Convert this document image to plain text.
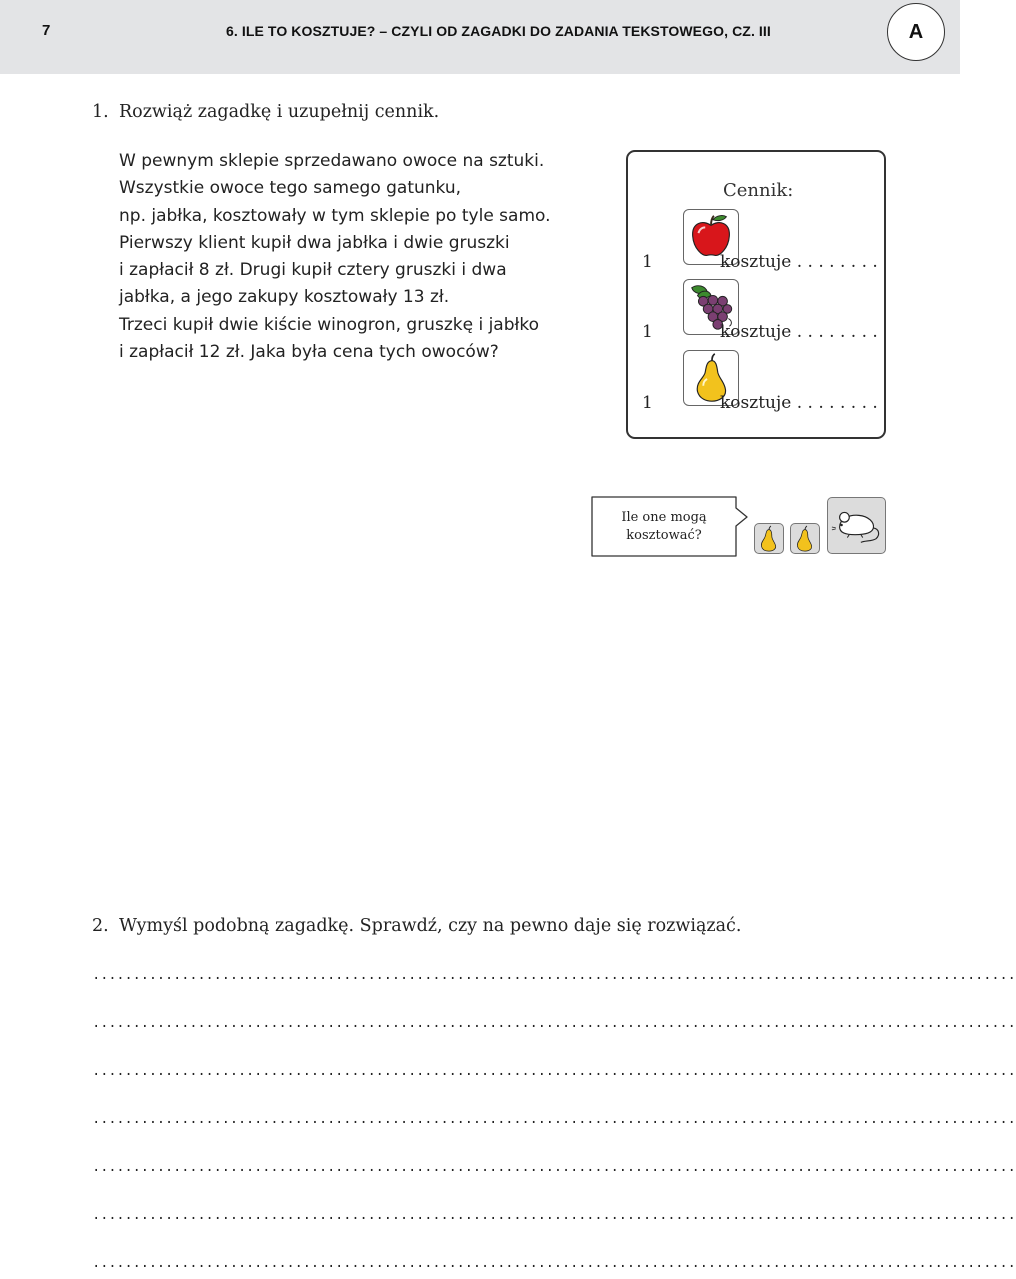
7	6. ILE TO KOSZTUJE? – CZYLI OD ZAGADKI DO ZADANIA TEKSTOWEGO, CZ. III	A
1. Rozwiąż zagadkę i uzupełnij cennik.

W pewnym sklepie sprzedawano owoce na sztuki.

Wszystkie owoce tego samego gatunku,

np. jabłka, kosztowały w tym sklepie po tyle samo.

Pierwszy klient kupił dwa jabłka i dwie gruszki

i zapłacił 8 zł. Drugi kupił cztery gruszki i dwa

jabłka, a jego zakupy kosztowały 13 zł.

Trzeci kupił dwie kiście winogron, gruszkę i jabłko

i zapłacił 12 zł. Jaka była cena tych owoców?

Cennik:
1	kosztuje . . . . . . . .
1	kosztuje . . . . . . . .
1	kosztuje . . . . . . . .
Ile one mogą
kosztować?
2. Wymyśl podobną zagadkę. Sprawdź, czy na pewno daje się rozwiązać.
..................................................................................................................
..................................................................................................................
..................................................................................................................
..................................................................................................................
..................................................................................................................
..................................................................................................................
..................................................................................................................
